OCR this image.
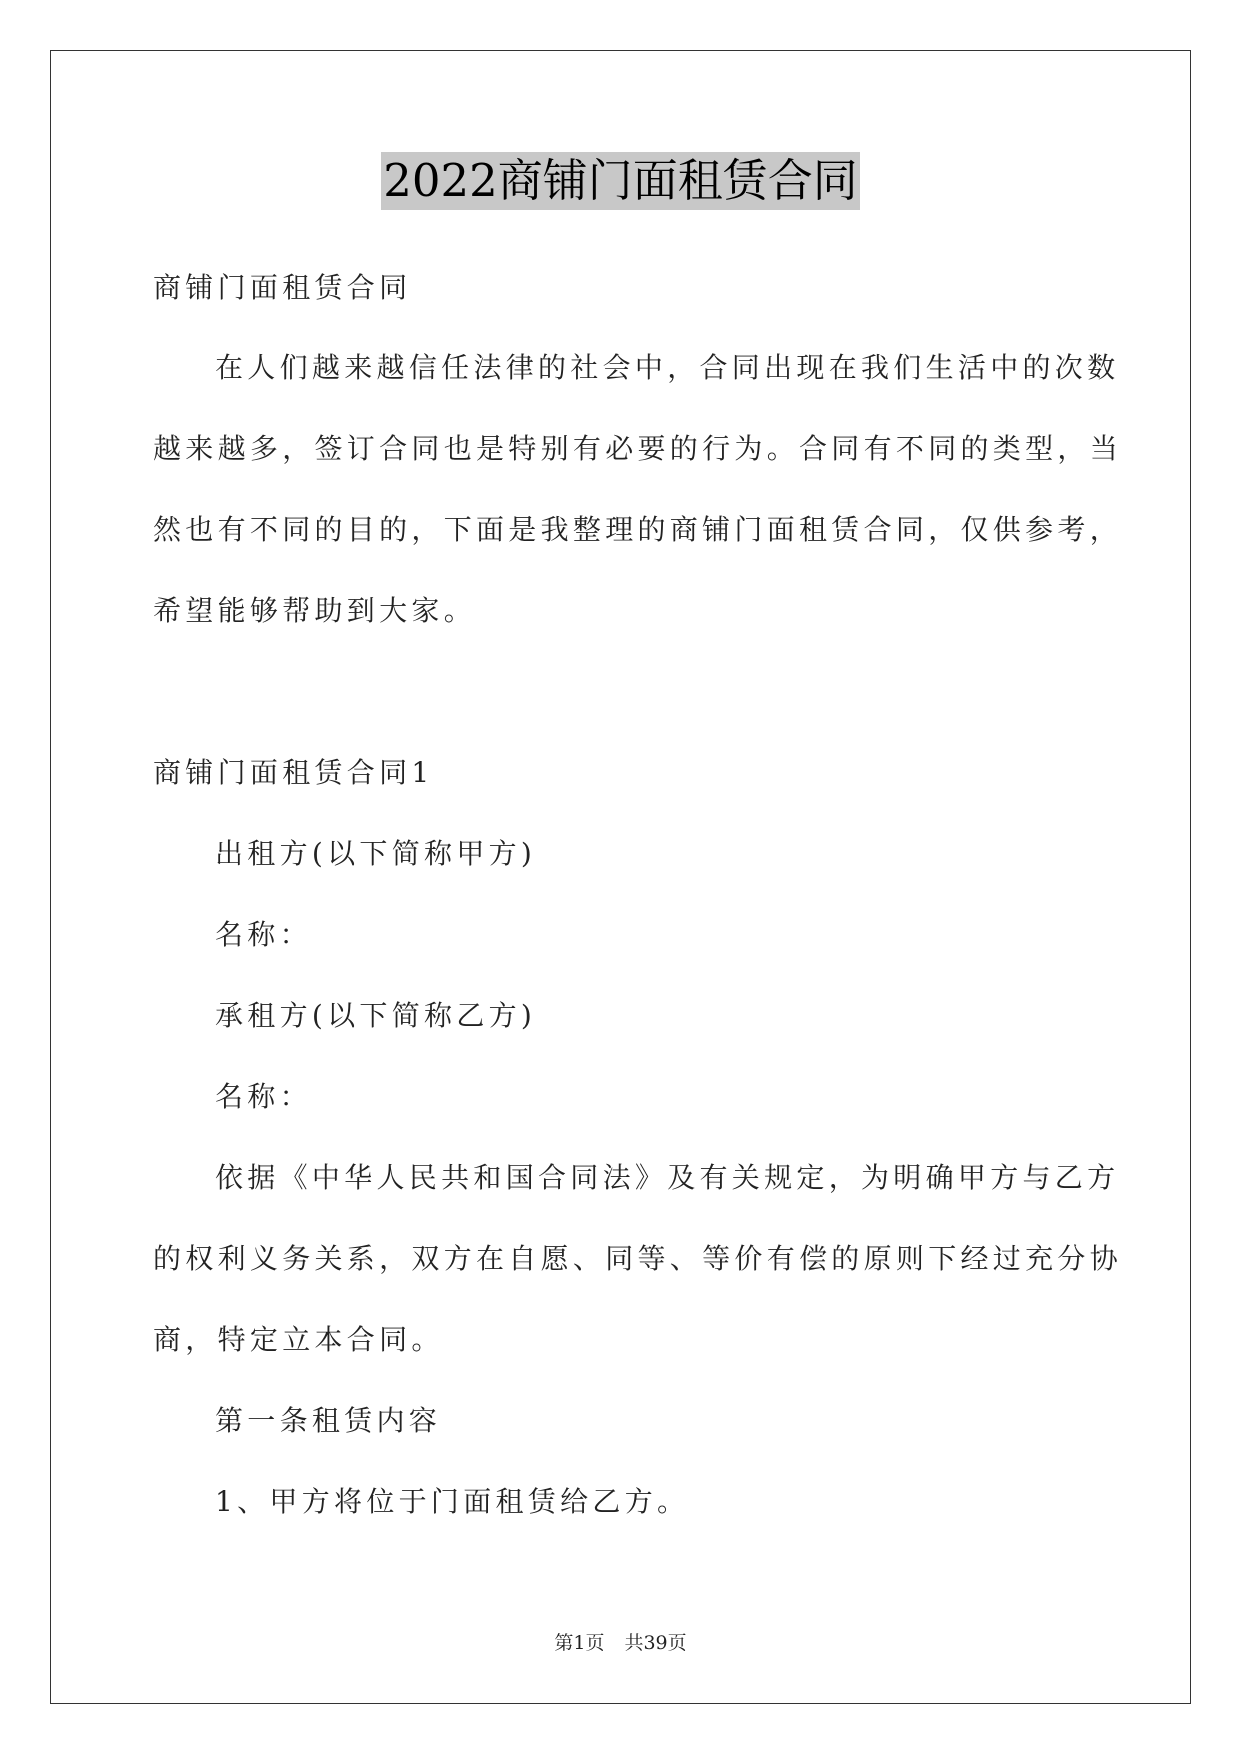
2022商铺门面租赁合同
商铺门面租赁合同
在人们越来越信任法律的社会中，合同出现在我们生活中的次数
越来越多，签订合同也是特别有必要的行为。合同有不同的类型，当
然也有不同的目的，下面是我整理的商铺门面租赁合同，仅供参考，
希望能够帮助到大家。
商铺门面租赁合同1
出租方(以下简称甲方)
名称：
承租方(以下简称乙方)
名称：
依据《中华人民共和国合同法》及有关规定，为明确甲方与乙方
的权利义务关系，双方在自愿、同等、等价有偿的原则下经过充分协
商，特定立本合同。
第一条租赁内容
1、甲方将位于门面租赁给乙方。
第1页 共39页
